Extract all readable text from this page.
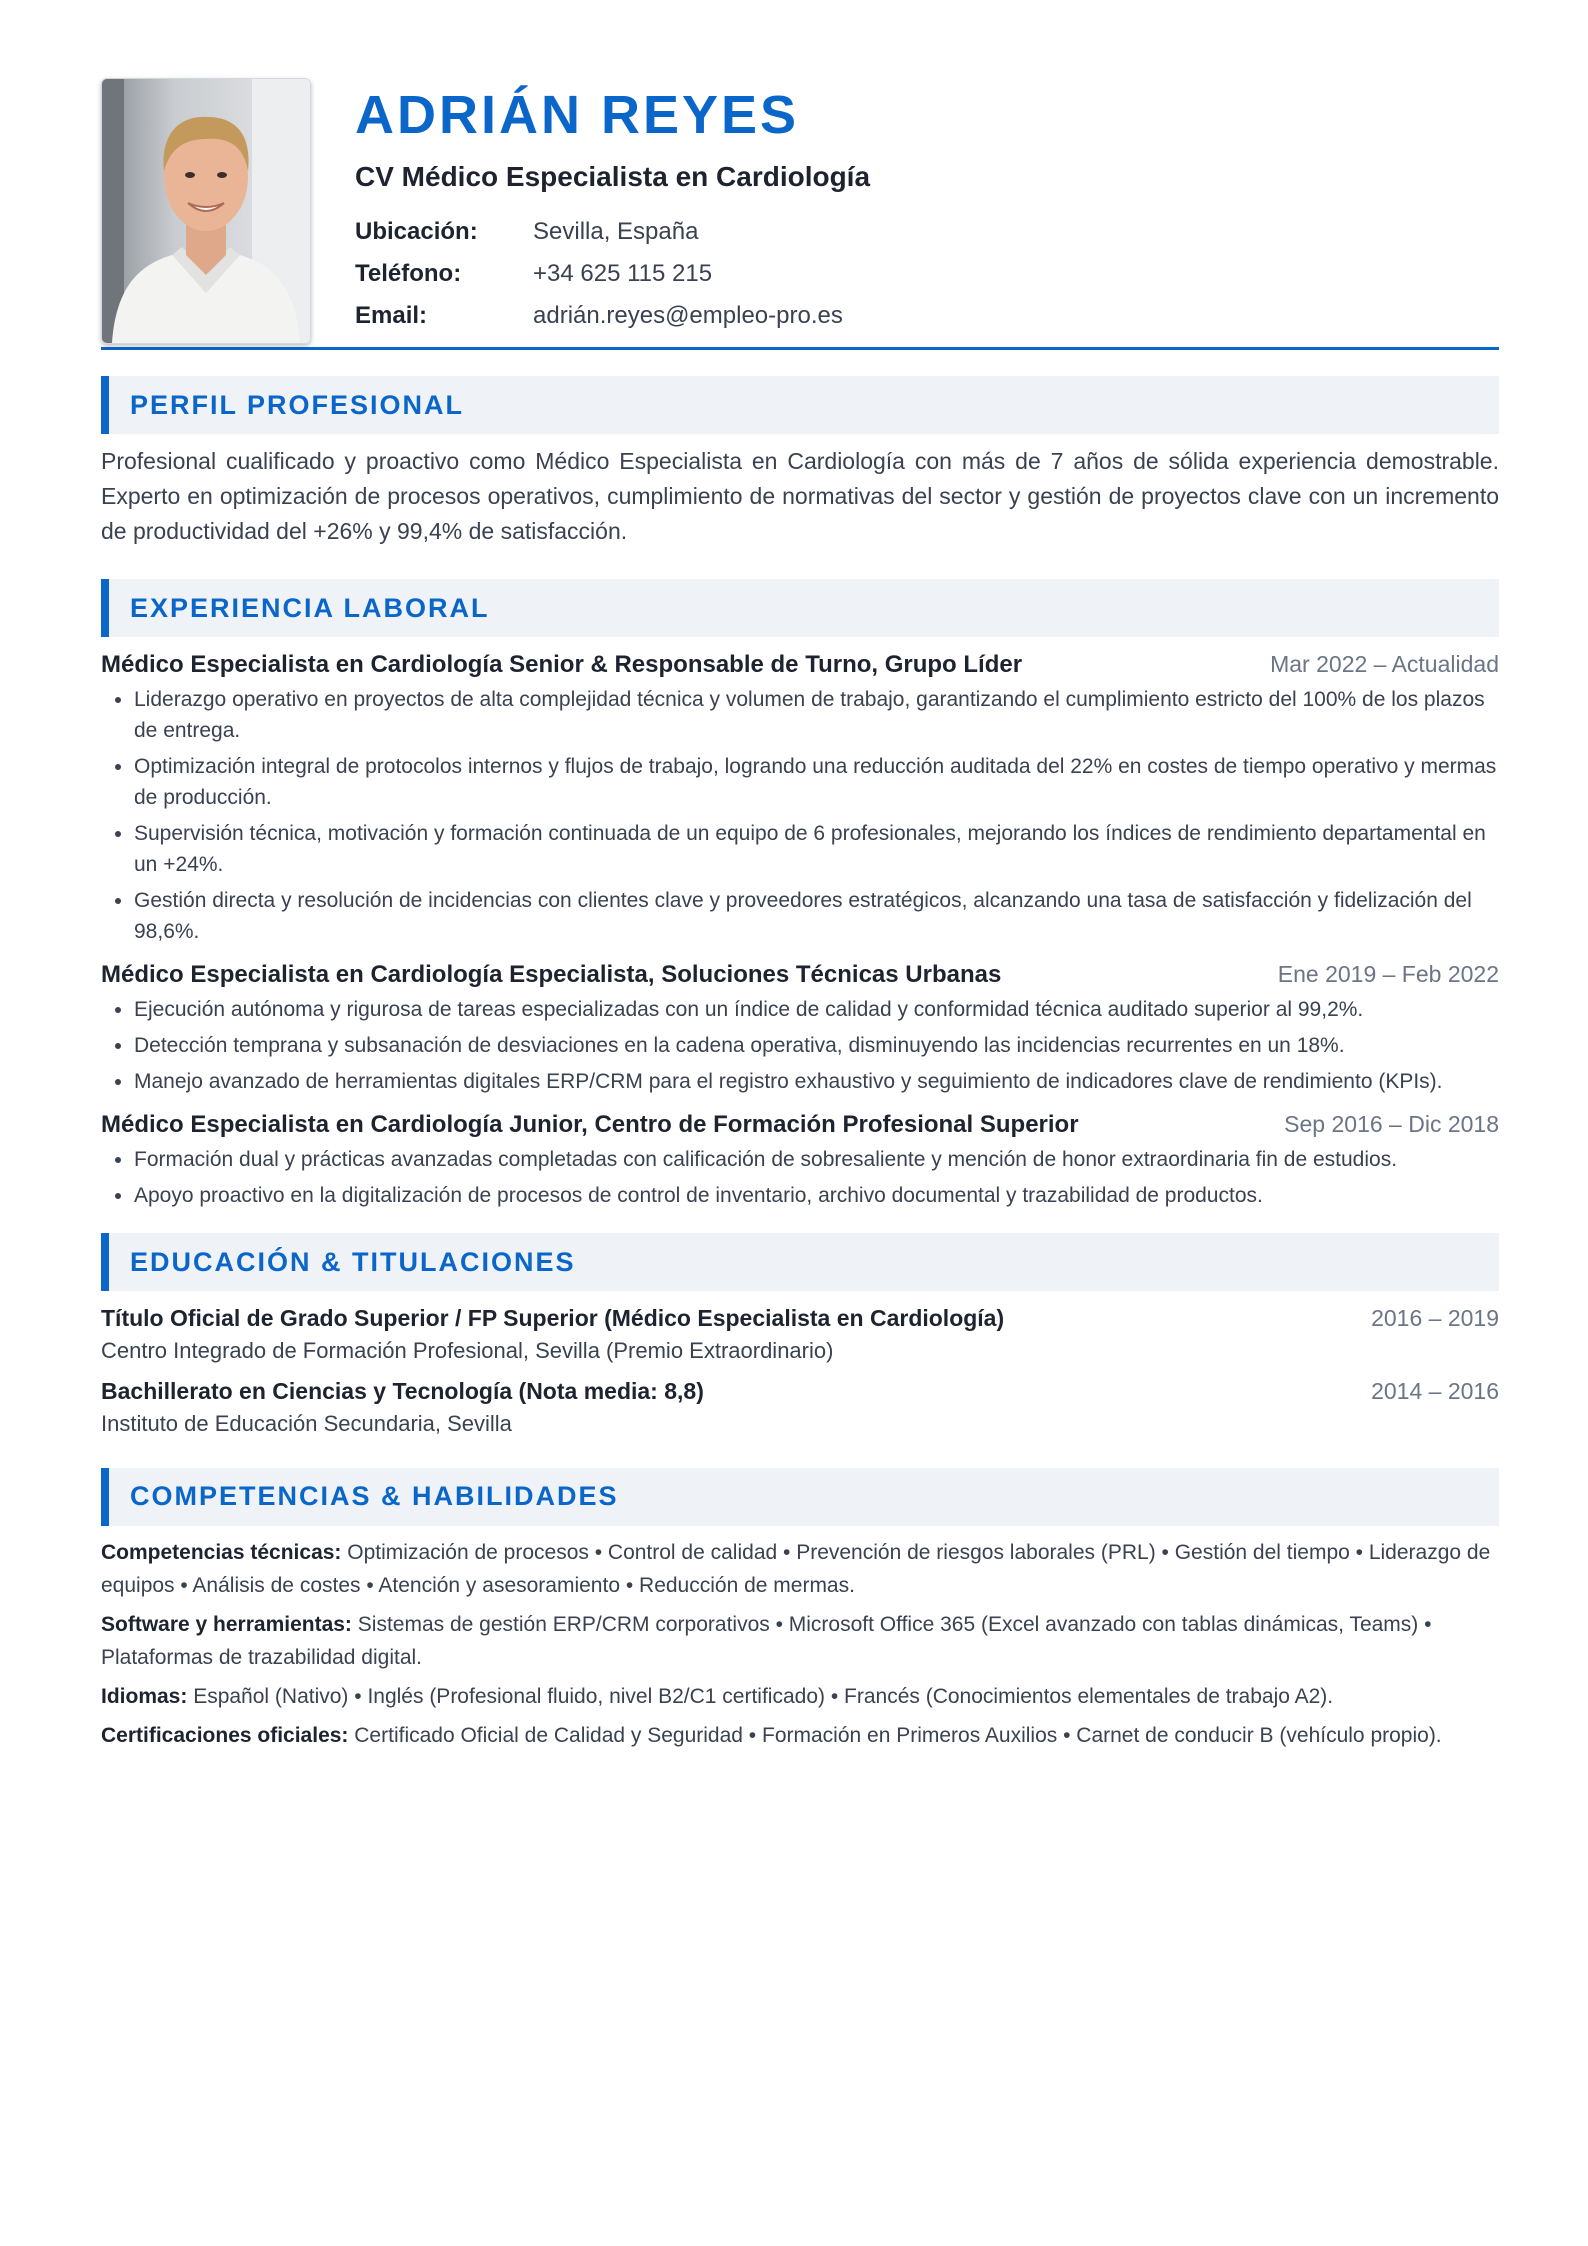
ADRIÁN REYES
CV Médico Especialista en Cardiología
Ubicación:	Sevilla, España
Teléfono:	+34 625 115 215
Email:	adrián.reyes@empleo-pro.es
PERFIL PROFESIONAL
Profesional cualificado y proactivo como Médico Especialista en Cardiología con más de 7 años de sólida experiencia demostrable. Experto en optimización de procesos operativos, cumplimiento de normativas del sector y gestión de proyectos clave con un incremento de productividad del +26% y 99,4% de satisfacción.
EXPERIENCIA LABORAL
Médico Especialista en Cardiología Senior & Responsable de Turno, Grupo Líder	Mar 2022 – Actualidad
• Liderazgo operativo en proyectos de alta complejidad técnica y volumen de trabajo, garantizando el cumplimiento estricto del 100% de los plazos de entrega.
• Optimización integral de protocolos internos y flujos de trabajo, logrando una reducción auditada del 22% en costes de tiempo operativo y mermas de producción.
• Supervisión técnica, motivación y formación continuada de un equipo de 6 profesionales, mejorando los índices de rendimiento departamental en un +24%.
• Gestión directa y resolución de incidencias con clientes clave y proveedores estratégicos, alcanzando una tasa de satisfacción y fidelización del 98,6%.
Médico Especialista en Cardiología Especialista, Soluciones Técnicas Urbanas	Ene 2019 – Feb 2022
• Ejecución autónoma y rigurosa de tareas especializadas con un índice de calidad y conformidad técnica auditado superior al 99,2%.
• Detección temprana y subsanación de desviaciones en la cadena operativa, disminuyendo las incidencias recurrentes en un 18%.
• Manejo avanzado de herramientas digitales ERP/CRM para el registro exhaustivo y seguimiento de indicadores clave de rendimiento (KPIs).
Médico Especialista en Cardiología Junior, Centro de Formación Profesional Superior	Sep 2016 – Dic 2018
• Formación dual y prácticas avanzadas completadas con calificación de sobresaliente y mención de honor extraordinaria fin de estudios.
• Apoyo proactivo en la digitalización de procesos de control de inventario, archivo documental y trazabilidad de productos.
EDUCACIÓN & TITULACIONES
Título Oficial de Grado Superior / FP Superior (Médico Especialista en Cardiología)	2016 – 2019
Centro Integrado de Formación Profesional, Sevilla (Premio Extraordinario)
Bachillerato en Ciencias y Tecnología (Nota media: 8,8)	2014 – 2016
Instituto de Educación Secundaria, Sevilla
COMPETENCIAS & HABILIDADES
Competencias técnicas: Optimización de procesos • Control de calidad • Prevención de riesgos laborales (PRL) • Gestión del tiempo • Liderazgo de equipos • Análisis de costes • Atención y asesoramiento • Reducción de mermas.
Software y herramientas: Sistemas de gestión ERP/CRM corporativos • Microsoft Office 365 (Excel avanzado con tablas dinámicas, Teams) • Plataformas de trazabilidad digital.
Idiomas: Español (Nativo) • Inglés (Profesional fluido, nivel B2/C1 certificado) • Francés (Conocimientos elementales de trabajo A2).
Certificaciones oficiales: Certificado Oficial de Calidad y Seguridad • Formación en Primeros Auxilios • Carnet de conducir B (vehículo propio).
